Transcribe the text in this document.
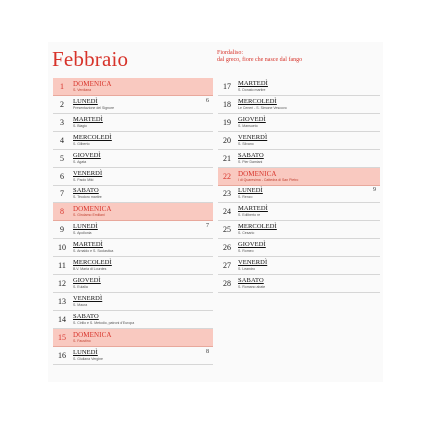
Febbraio	Fiordaliso:
dal greco, fiore che nasce dal fango
1	DOMENICA
S. Verdiana
2	LUNEDÌ
Presentazione del Signore
6
3	MARTEDÌ
S. Biagio
4	MERCOLEDÌ
S. Gilberto
5	GIOVEDÌ
S. Agata
6	VENERDÌ
S. Paolo Miki
7	SABATO
S. Teodoro martire
8	DOMENICA
S. Girolamo Emiliani
9	LUNEDÌ
S. Apollonia
7
10	MARTEDÌ
S. Arnaldo e S. Scolastica
11	MERCOLEDÌ
B.V. Maria di Lourdes
12	GIOVEDÌ
S. Eulalia
13	VENERDÌ
S. Maura
14	SABATO
S. Cirillo e S. Metodio, patroni d'Europa
15	DOMENICA
S. Faustino
16	LUNEDÌ
S. Giuliana Vergine
8
17	MARTEDÌ
S. Donato martire
18	MERCOLEDÌ
Le Ceneri - S. Simone Vescovo
19	GIOVEDÌ
S. Mansueto
20	VENERDÌ
S. Silvano
21	SABATO
S. Pier Damiani
22	DOMENICA
I di Quaresima - Cattedra di San Pietro
23	LUNEDÌ
S. Renzo
9
24	MARTEDÌ
S. Edilberto re
25	MERCOLEDÌ
S. Cesario
26	GIOVEDÌ
S. Romeo
27	VENERDÌ
S. Leandro
28	SABATO
S. Romano abate
